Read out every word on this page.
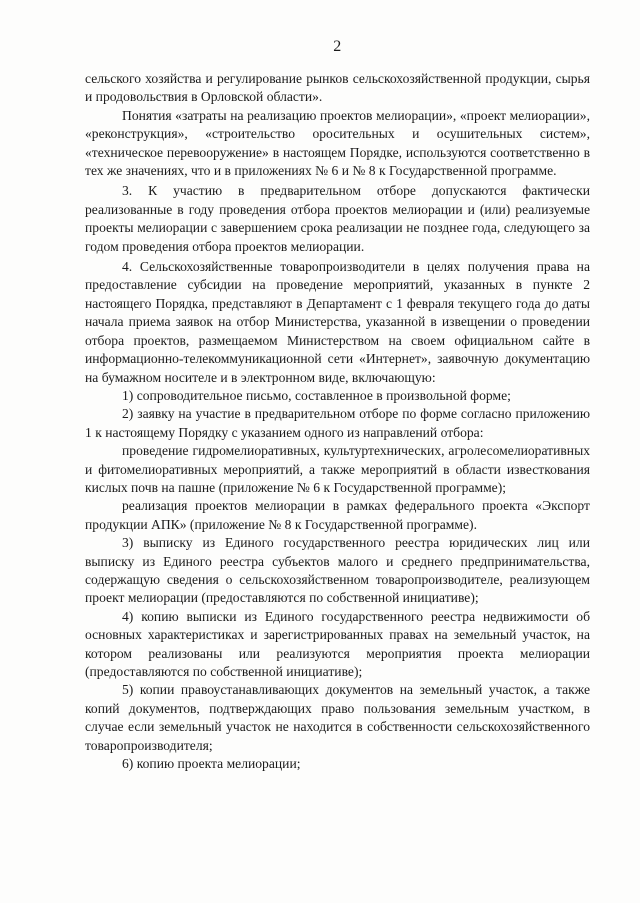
2

сельского хозяйства и регулирование рынков сельскохозяйственной продукции, сырья и продовольствия в Орловской области».

Понятия «затраты на реализацию проектов мелиорации», «проект мелиорации», «реконструкция», «строительство оросительных и осушительных систем», «техническое перевооружение» в настоящем Порядке, используются соответственно в тех же значениях, что и в приложениях № 6 и № 8 к Государственной программе.

3. К участию в предварительном отборе допускаются фактически реализованные в году проведения отбора проектов мелиорации и (или) реализуемые проекты мелиорации с завершением срока реализации не позднее года, следующего за годом проведения отбора проектов мелиорации.

4. Сельскохозяйственные товаропроизводители в целях получения права на предоставление субсидии на проведение мероприятий, указанных в пункте 2 настоящего Порядка, представляют в Департамент с 1 февраля текущего года до даты начала приема заявок на отбор Министерства, указанной в извещении о проведении отбора проектов, размещаемом Министерством на своем официальном сайте в информационно-телекоммуникационной сети «Интернет», заявочную документацию на бумажном носителе и в электронном виде, включающую:

1) сопроводительное письмо, составленное в произвольной форме;

2) заявку на участие в предварительном отборе по форме согласно приложению 1 к настоящему Порядку с указанием одного из направлений отбора:

проведение гидромелиоративных, культуртехнических, агролесомелиоративных и фитомелиоративных мероприятий, а также мероприятий в области известкования кислых почв на пашне (приложение № 6 к Государственной программе);

реализация проектов мелиорации в рамках федерального проекта «Экспорт продукции АПК» (приложение № 8 к Государственной программе).

3) выписку из Единого государственного реестра юридических лиц или выписку из Единого реестра субъектов малого и среднего предпринимательства, содержащую сведения о сельскохозяйственном товаропроизводителе, реализующем проект мелиорации (предоставляются по собственной инициативе);

4) копию выписки из Единого государственного реестра недвижимости об основных характеристиках и зарегистрированных правах на земельный участок, на котором реализованы или реализуются мероприятия проекта мелиорации (предоставляются по собственной инициативе);

5) копии правоустанавливающих документов на земельный участок, а также копий документов, подтверждающих право пользования земельным участком, в случае если земельный участок не находится в собственности сельскохозяйственного товаропроизводителя;

6) копию проекта мелиорации;
